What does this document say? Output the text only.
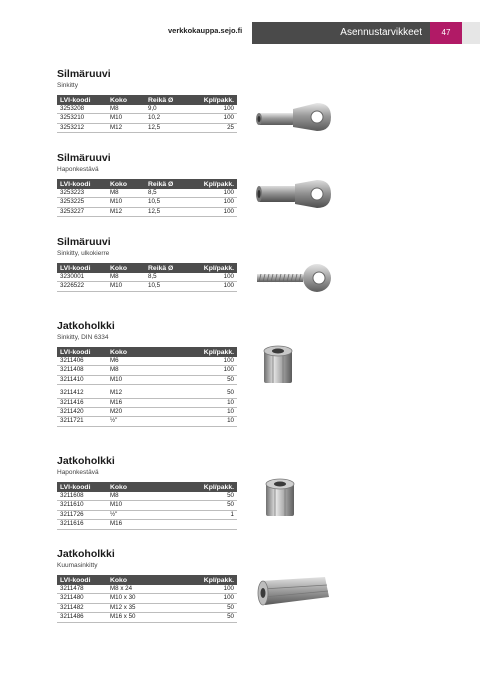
verkkokauppa.sejo.fi	Asennustarvikkeet	47
Silmäruuvi
Sinkitty
LVI-koodi	Koko	Reikä Ø	Kpl/pakk.
3253208	M8	9,0	100
3253210	M10	10,2	100
3253212	M12	12,5	25
Silmäruuvi
Haponkestävä
LVI-koodi	Koko	Reikä Ø	Kpl/pakk.
3253223	M8	8,5	100
3253225	M10	10,5	100
3253227	M12	12,5	100
Silmäruuvi
Sinkitty, ulkokierre
LVI-koodi	Koko	Reikä Ø	Kpl/pakk.
3230001	M8	8,5	100
3226522	M10	10,5	100
Jatkoholkki
Sinkitty, DIN 6334
LVI-koodi	Koko	Kpl/pakk.
3211406	M6	100
3211408	M8	100
3211410	M10	50

3211412	M12	50
3211416	M16	10
3211420	M20	10
3211721	½"	10
Jatkoholkki
Haponkestävä
LVI-koodi	Koko	Kpl/pakk.
3211608	M8	50
3211610	M10	50
3211726	½"	1
3211616	M16	
Jatkoholkki
Kuumasinkitty
LVI-koodi	Koko	Kpl/pakk.
3211478	M8 x 24	100
3211480	M10 x 30	100
3211482	M12 x 35	50
3211486	M16 x 50	50
